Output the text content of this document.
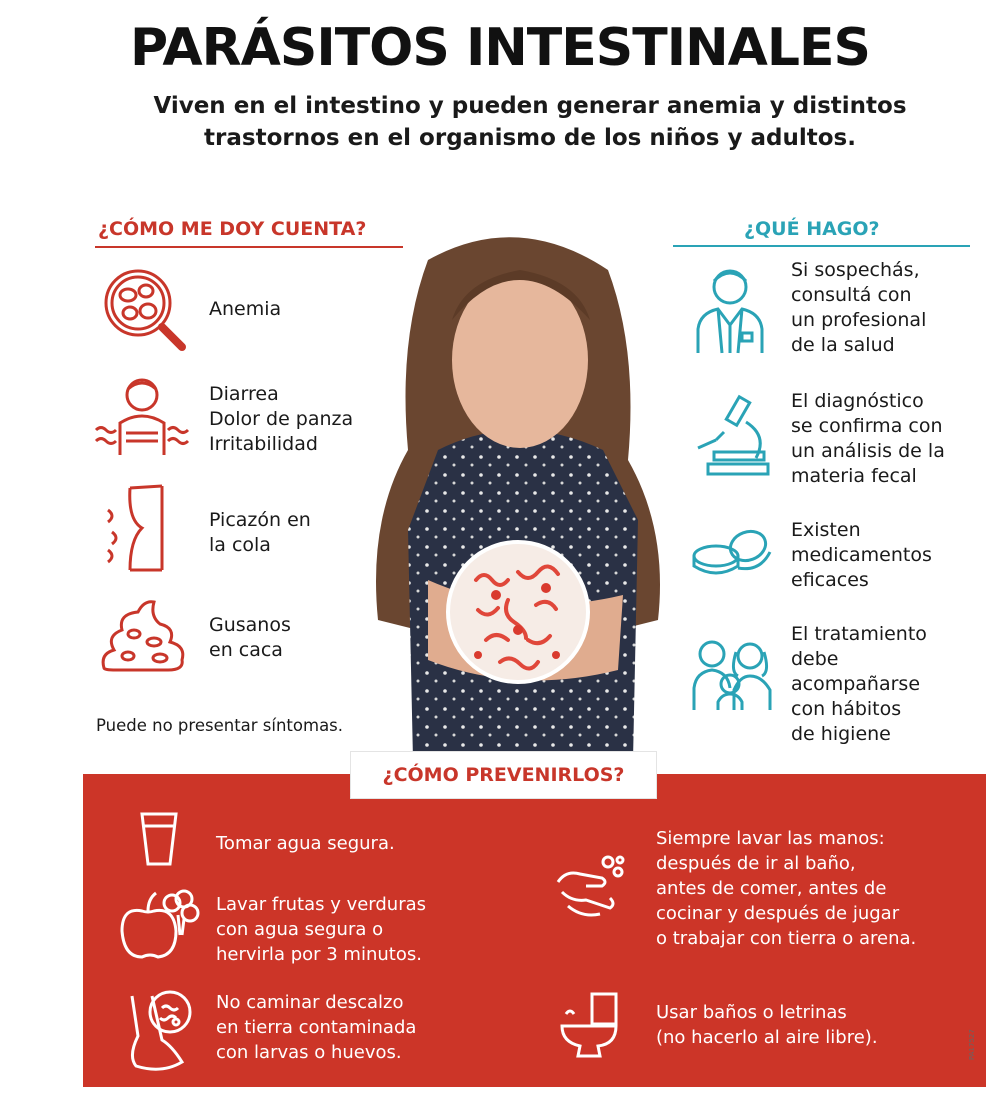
PARÁSITOS INTESTINALES
Viven en el intestino y pueden generar anemia y distintos
trastornos en el organismo de los niños y adultos.
¿CÓMO ME DOY CUENTA?	¿QUÉ HAGO?
Anemia
Diarrea
Dolor de panza
Irritabilidad
Picazón en
la cola
Gusanos
en caca
Puede no presentar síntomas.
Si sospechás,
consultá con
un profesional
de la salud
El diagnóstico
se confirma con
un análisis de la
materia fecal
Existen
medicamentos
eficaces
El tratamiento
debe
acompañarse
con hábitos
de higiene
¿CÓMO PREVENIRLOS?
Tomar agua segura.
Lavar frutas y verduras
con agua segura o
hervirla por 3 minutos.
No caminar descalzo
en tierra contaminada
con larvas o huevos.
Siempre lavar las manos:
después de ir al baño,
antes de comer, antes de
cocinar y después de jugar
o trabajar con tierra o arena.
Usar baños o letrinas
(no hacerlo al aire libre).	PA17527
